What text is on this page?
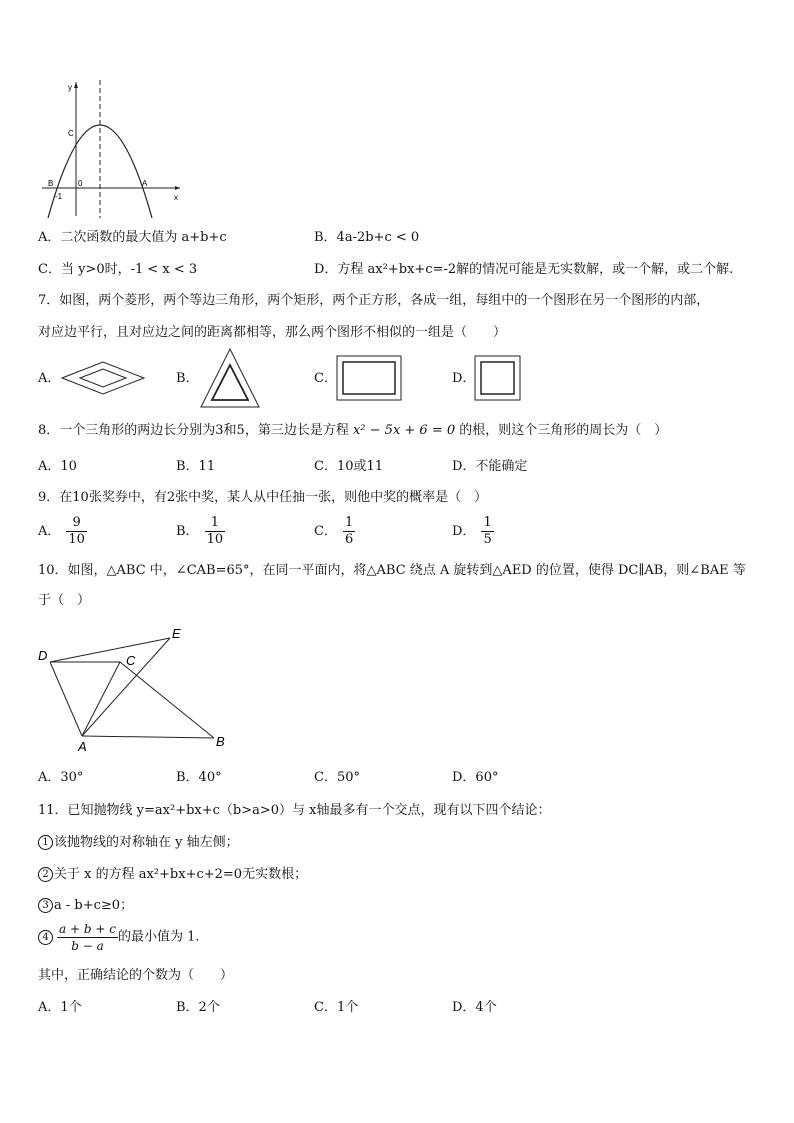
y
x
C
B	0	A
-1
A．二次函数的最大值为 a+b+c	B．4a-2b+c < 0
C．当 y>0时，-1 < x < 3	D．方程 ax²+bx+c=-2解的情况可能是无实数解，或一个解，或二个解.
7．如图，两个菱形，两个等边三角形，两个矩形，两个正方形，各成一组，每组中的一个图形在另一个图形的内部，
对应边平行，且对应边之间的距离都相等，那么两个图形不相似的一组是（　　）
A．	B．	C．	D．
8．一个三角形的两边长分别为3和5，第三边长是方程 x² − 5x + 6 = 0 的根，则这个三角形的周长为（　）
A．10	B．11	C．10或11	D．不能确定
9．在10张奖券中，有2张中奖，某人从中任抽一张，则他中奖的概率是（　）
A． $\frac{9}{10}$	B． $\frac{1}{10}$	C． $\frac{1}{6}$	D． $\frac{1}{5}$
10．如图，△ABC 中，∠CAB=65°，在同一平面内，将△ABC 绕点 A 旋转到△AED 的位置，使得 DC∥AB，则∠BAE 等
于（　）
D
E
C
A	B
A．30°	B．40°	C．50°	D．60°
11．已知抛物线 y=ax²+bx+c（b>a>0）与 x轴最多有一个交点，现有以下四个结论：
1 该抛物线的对称轴在 y 轴左侧；
2 关于 x 的方程 ax²+bx+c+2=0无实数根；
3 a - b+c≥0；
$4 \frac{a + b + c}{b - a}$ 的最小值为 1．
其中，正确结论的个数为（　　）
A．1个	B．2个	C．1个	D．4个
